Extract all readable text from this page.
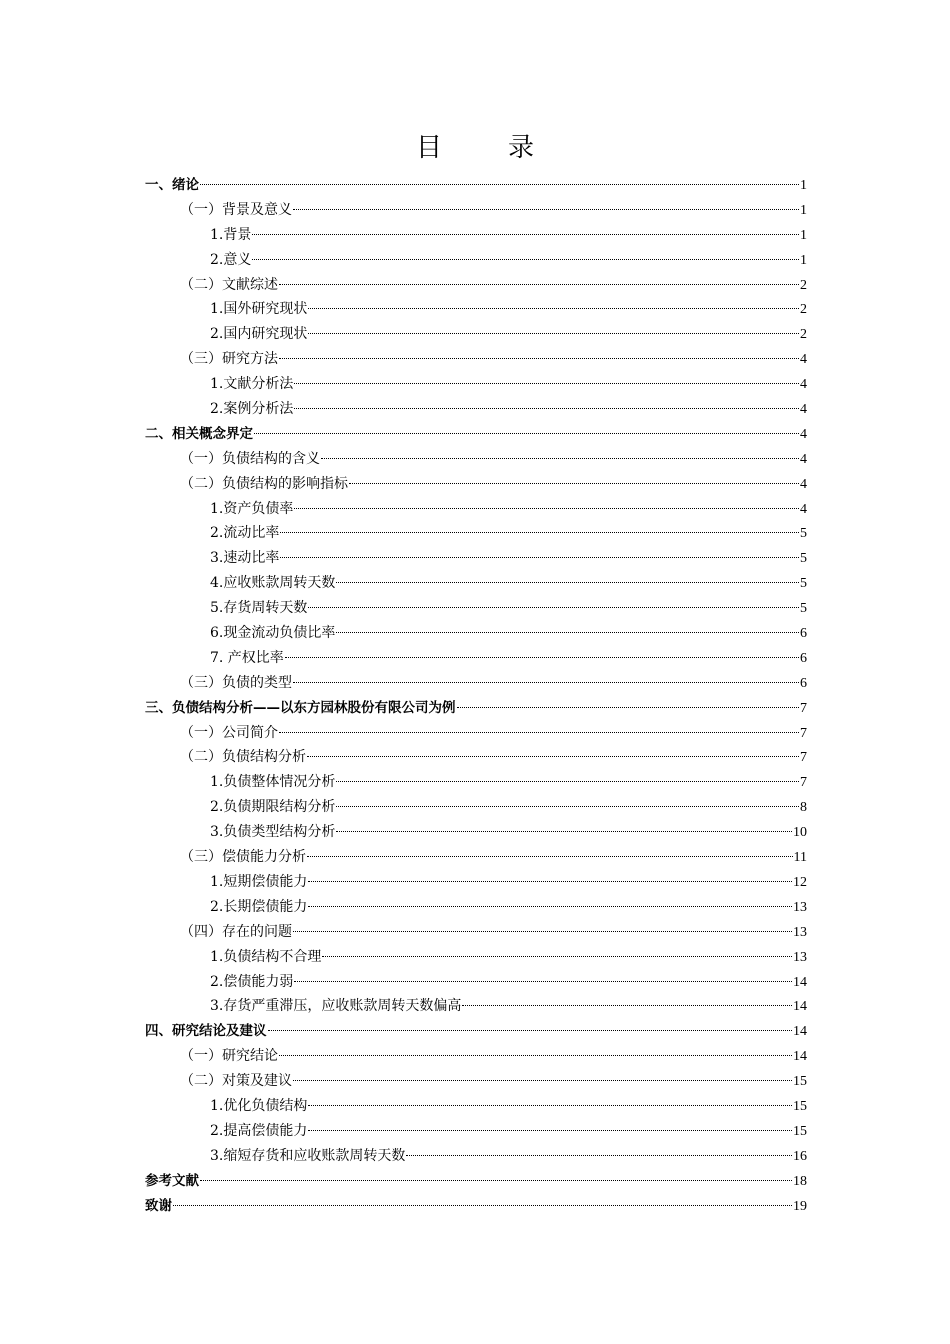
目　录
一、绪论	1
（一）背景及意义	1
1.背景	1
2.意义	1
（二）文献综述	2
1.国外研究现状	2
2.国内研究现状	2
（三）研究方法	4
1.文献分析法	4
2.案例分析法	4
二、相关概念界定	4
（一）负债结构的含义	4
（二）负债结构的影响指标	4
1.资产负债率	4
2.流动比率	5
3.速动比率	5
4.应收账款周转天数	5
5.存货周转天数	5
6.现金流动负债比率	6
7. 产权比率	6
（三）负债的类型	6
三、负债结构分析——以东方园林股份有限公司为例	7
（一）公司简介	7
（二）负债结构分析	7
1.负债整体情况分析	7
2.负债期限结构分析	8
3.负债类型结构分析	10
（三）偿债能力分析	11
1.短期偿债能力	12
2.长期偿债能力	13
（四）存在的问题	13
1.负债结构不合理	13
2.偿债能力弱	14
3.存货严重滞压，应收账款周转天数偏高	14
四、研究结论及建议	14
（一）研究结论	14
（二）对策及建议	15
1.优化负债结构	15
2.提高偿债能力	15
3.缩短存货和应收账款周转天数	16
参考文献	18
致谢	19
